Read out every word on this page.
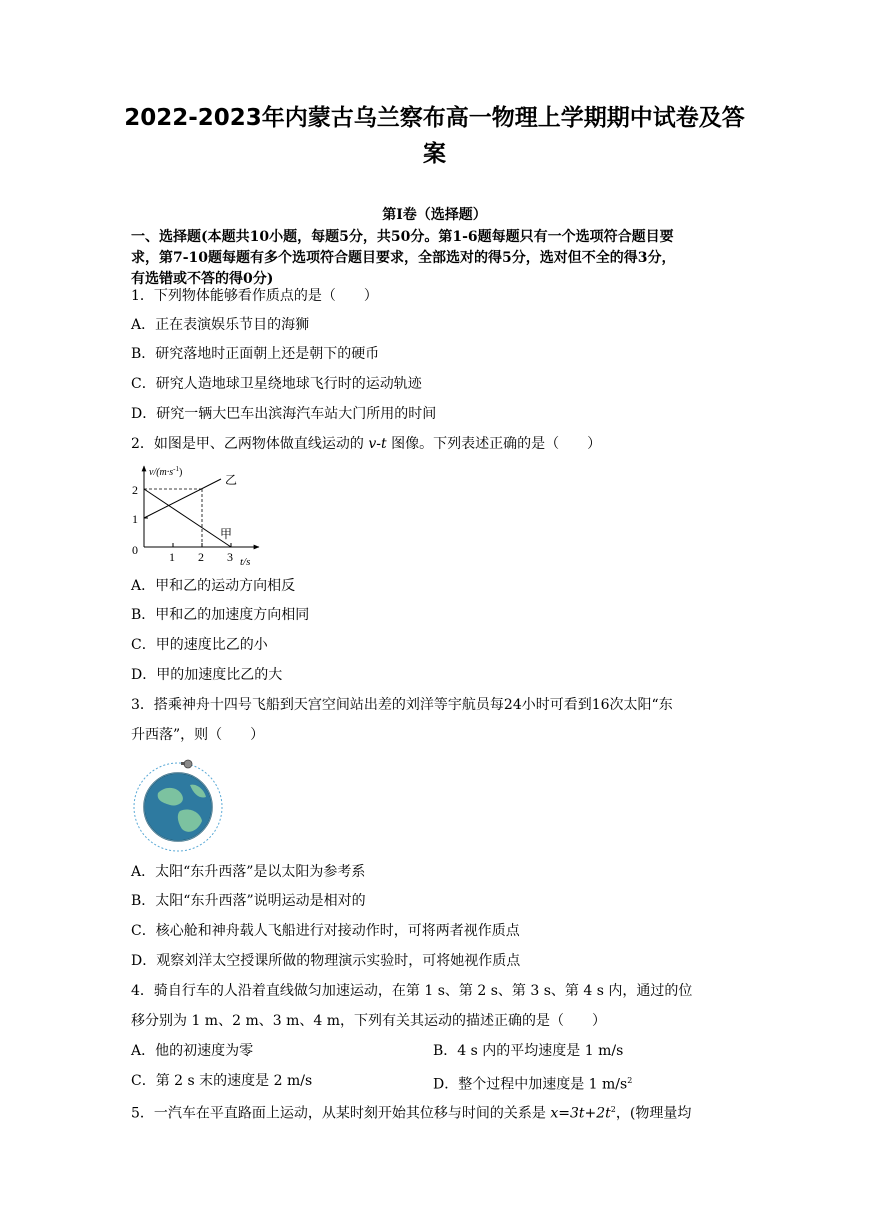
2022-2023年内蒙古乌兰察布高一物理上学期期中试卷及答
案
第Ⅰ卷（选择题）
一、选择题(本题共10小题，每题5分，共50分。第1-6题每题只有一个选项符合题目要
求，第7-10题每题有多个选项符合题目要求，全部选对的得5分，选对但不全的得3分，
有选错或不答的得0分)
1．下列物体能够看作质点的是（　　）
A．正在表演娱乐节目的海狮
B．研究落地时正面朝上还是朝下的硬币
C．研究人造地球卫星绕地球飞行时的运动轨迹
D．研究一辆大巴车出滨海汽车站大门所用的时间
2．如图是甲、乙两物体做直线运动的 v-t 图像。下列表述正确的是（　　）
$v/(m\cdot s^{-1})$
乙
甲
2
1
0	1 2 3 t/s
A．甲和乙的运动方向相反
B．甲和乙的加速度方向相同
C．甲的速度比乙的小
D．甲的加速度比乙的大
3．搭乘神舟十四号飞船到天宫空间站出差的刘洋等宇航员每24小时可看到16次太阳“东
升西落”，则（　　）
A．太阳“东升西落”是以太阳为参考系
B．太阳“东升西落”说明运动是相对的
C．核心舱和神舟载人飞船进行对接动作时，可将两者视作质点
D．观察刘洋太空授课所做的物理演示实验时，可将她视作质点
4．骑自行车的人沿着直线做匀加速运动，在第 1 s、第 2 s、第 3 s、第 4 s 内，通过的位
移分别为 1 m、2 m、3 m、4 m，下列有关其运动的描述正确的是（　　）
A．他的初速度为零	B．4 s 内的平均速度是 1 m/s
C．第 2 s 末的速度是 2 m/s	D．整个过程中加速度是 1 $m/s^2$
5．一汽车在平直路面上运动，从某时刻开始其位移与时间的关系是 $x=3t+2t^2$，(物理量均
